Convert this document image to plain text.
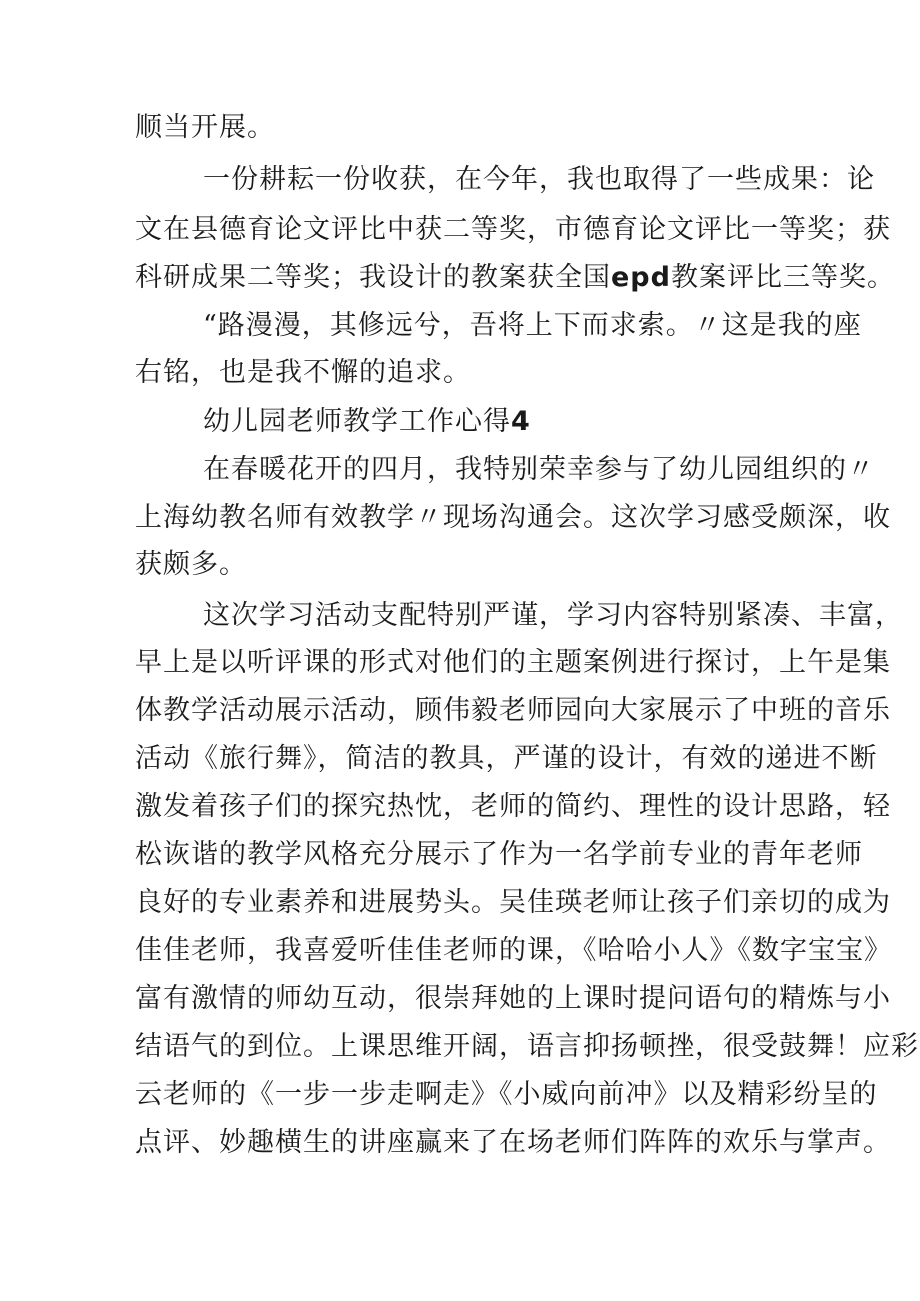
顺当开展。
一份耕耘一份收获，在今年，我也取得了一些成果：论
文在县德育论文评比中获二等奖，市德育论文评比一等奖；获
科研成果二等奖；我设计的教案获全国epd教案评比三等奖。
“路漫漫，其修远兮，吾将上下而求索。〃这是我的座
右铭，也是我不懈的追求。
幼儿园老师教学工作心得4
在春暖花开的四月，我特别荣幸参与了幼儿园组织的〃
上海幼教名师有效教学〃现场沟通会。这次学习感受颇深，收
获颇多。
这次学习活动支配特别严谨，学习内容特别紧凑、丰富，
早上是以听评课的形式对他们的主题案例进行探讨，上午是集
体教学活动展示活动，顾伟毅老师园向大家展示了中班的音乐
活动《旅行舞》，简洁的教具，严谨的设计，有效的递进不断
激发着孩子们的探究热忱，老师的简约、理性的设计思路，轻
松诙谐的教学风格充分展示了作为一名学前专业的青年老师
良好的专业素养和进展势头。吴佳瑛老师让孩子们亲切的成为
佳佳老师，我喜爱听佳佳老师的课，《哈哈小人》《数字宝宝》
富有激情的师幼互动，很崇拜她的上课时提问语句的精炼与小
结语气的到位。上课思维开阔，语言抑扬顿挫，很受鼓舞！应彩
云老师的《一步一步走啊走》《小威向前冲》以及精彩纷呈的
点评、妙趣横生的讲座赢来了在场老师们阵阵的欢乐与掌声。
